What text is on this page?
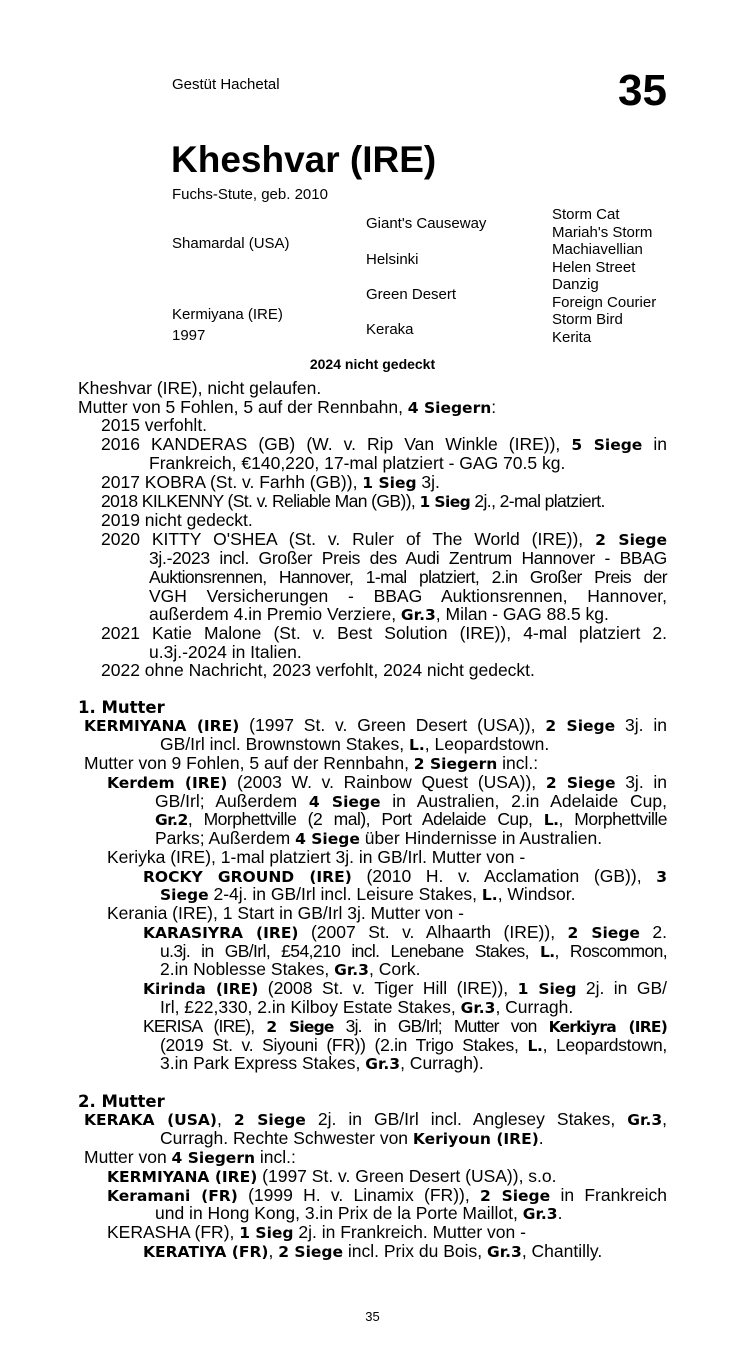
Gestüt Hachetal	35
Kheshvar (IRE)
Fuchs-Stute, geb. 2010
Shamardal (USA)
Kermiyana (IRE)
1997
Giant's Causeway
Helsinki
Green Desert
Keraka
Storm Cat
Mariah's Storm
Machiavellian
Helen Street
Danzig
Foreign Courier
Storm Bird
Kerita
2024 nicht gedeckt
Kheshvar (IRE), nicht gelaufen.
Mutter von 5 Fohlen, 5 auf der Rennbahn, 4 Siegern:
2015 verfohlt.
2016 KANDERAS (GB) (W. v. Rip Van Winkle (IRE)), 5 Siege in
Frankreich, €140,220, 17-mal platziert - GAG 70.5 kg.
2017 KOBRA (St. v. Farhh (GB)), 1 Sieg 3j.
2018 KILKENNY (St. v. Reliable Man (GB)), 1 Sieg 2j., 2-mal platziert.
2019 nicht gedeckt.
2020 KITTY O'SHEA (St. v. Ruler of The World (IRE)), 2 Siege
3j.-2023 incl. Großer Preis des Audi Zentrum Hannover - BBAG
Auktionsrennen, Hannover, 1-mal platziert, 2.in Großer Preis der
VGH Versicherungen - BBAG Auktionsrennen, Hannover,
außerdem 4.in Premio Verziere, Gr.3, Milan - GAG 88.5 kg.
2021 Katie Malone (St. v. Best Solution (IRE)), 4-mal platziert 2.
u.3j.-2024 in Italien.
2022 ohne Nachricht, 2023 verfohlt, 2024 nicht gedeckt.
1. Mutter
KERMIYANA (IRE) (1997 St. v. Green Desert (USA)), 2 Siege 3j. in
GB/Irl incl. Brownstown Stakes, L., Leopardstown.
Mutter von 9 Fohlen, 5 auf der Rennbahn, 2 Siegern incl.:
Kerdem (IRE) (2003 W. v. Rainbow Quest (USA)), 2 Siege 3j. in
GB/Irl; Außerdem 4 Siege in Australien, 2.in Adelaide Cup,
Gr.2, Morphettville (2 mal), Port Adelaide Cup, L., Morphettville
Parks; Außerdem 4 Siege über Hindernisse in Australien.
Keriyka (IRE), 1-mal platziert 3j. in GB/Irl. Mutter von -
ROCKY GROUND (IRE) (2010 H. v. Acclamation (GB)), 3
Siege 2-4j. in GB/Irl incl. Leisure Stakes, L., Windsor.
Kerania (IRE), 1 Start in GB/Irl 3j. Mutter von -
KARASIYRA (IRE) (2007 St. v. Alhaarth (IRE)), 2 Siege 2.
u.3j. in GB/Irl, £54,210 incl. Lenebane Stakes, L., Roscommon,
2.in Noblesse Stakes, Gr.3, Cork.
Kirinda (IRE) (2008 St. v. Tiger Hill (IRE)), 1 Sieg 2j. in GB/
Irl, £22,330, 2.in Kilboy Estate Stakes, Gr.3, Curragh.
KERISA (IRE), 2 Siege 3j. in GB/Irl; Mutter von Kerkiyra (IRE)
(2019 St. v. Siyouni (FR)) (2.in Trigo Stakes, L., Leopardstown,
3.in Park Express Stakes, Gr.3, Curragh).
2. Mutter
KERAKA (USA), 2 Siege 2j. in GB/Irl incl. Anglesey Stakes, Gr.3,
Curragh. Rechte Schwester von Keriyoun (IRE).
Mutter von 4 Siegern incl.:
KERMIYANA (IRE) (1997 St. v. Green Desert (USA)), s.o.
Keramani (FR) (1999 H. v. Linamix (FR)), 2 Siege in Frankreich
und in Hong Kong, 3.in Prix de la Porte Maillot, Gr.3.
KERASHA (FR), 1 Sieg 2j. in Frankreich. Mutter von -
KERATIYA (FR), 2 Siege incl. Prix du Bois, Gr.3, Chantilly.
35
